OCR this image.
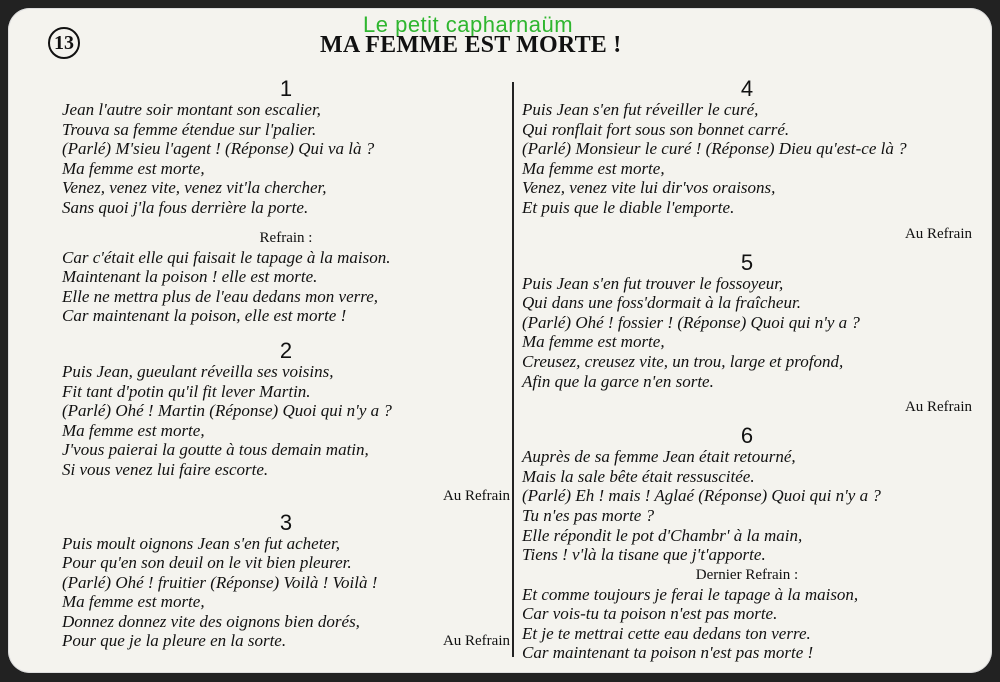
Le petit capharnaüm
13	MA FEMME EST MORTE !
1
Jean l'autre soir montant son escalier,
Trouva sa femme étendue sur l'palier.
(Parlé) M'sieu l'agent ! (Réponse) Qui va là ?
Ma femme est morte,
Venez, venez vite, venez vit'la chercher,
Sans quoi j'la fous derrière la porte.
Refrain :
Car c'était elle qui faisait le tapage à la maison.
Maintenant la poison ! elle est morte.
Elle ne mettra plus de l'eau dedans mon verre,
Car maintenant la poison, elle est morte !
2
Puis Jean, gueulant réveilla ses voisins,
Fit tant d'potin qu'il fit lever Martin.
(Parlé) Ohé ! Martin (Réponse) Quoi qui n'y a ?
Ma femme est morte,
J'vous paierai la goutte à tous demain matin,
Si vous venez lui faire escorte.
Au Refrain
3
Puis moult oignons Jean s'en fut acheter,
Pour qu'en son deuil on le vit bien pleurer.
(Parlé) Ohé ! fruitier (Réponse) Voilà ! Voilà !
Ma femme est morte,
Donnez donnez vite des oignons bien dorés,
Pour que je la pleure en la sorte.	Au Refrain
4
Puis Jean s'en fut réveiller le curé,
Qui ronflait fort sous son bonnet carré.
(Parlé) Monsieur le curé ! (Réponse) Dieu qu'est-ce là ?
Ma femme est morte,
Venez, venez vite lui dir'vos oraisons,
Et puis que le diable l'emporte.
Au Refrain
5
Puis Jean s'en fut trouver le fossoyeur,
Qui dans une foss'dormait à la fraîcheur.
(Parlé) Ohé ! fossier ! (Réponse) Quoi qui n'y a ?
Ma femme est morte,
Creusez, creusez vite, un trou, large et profond,
Afin que la garce n'en sorte.
Au Refrain
6
Auprès de sa femme Jean était retourné,
Mais la sale bête était ressuscitée.
(Parlé) Eh ! mais ! Aglaé (Réponse) Quoi qui n'y a ?
Tu n'es pas morte ?
Elle répondit le pot d'Chambr' à la main,
Tiens ! v'là la tisane que j't'apporte.
Dernier Refrain :
Et comme toujours je ferai le tapage à la maison,
Car vois-tu ta poison n'est pas morte.
Et je te mettrai cette eau dedans ton verre.
Car maintenant ta poison n'est pas morte !
